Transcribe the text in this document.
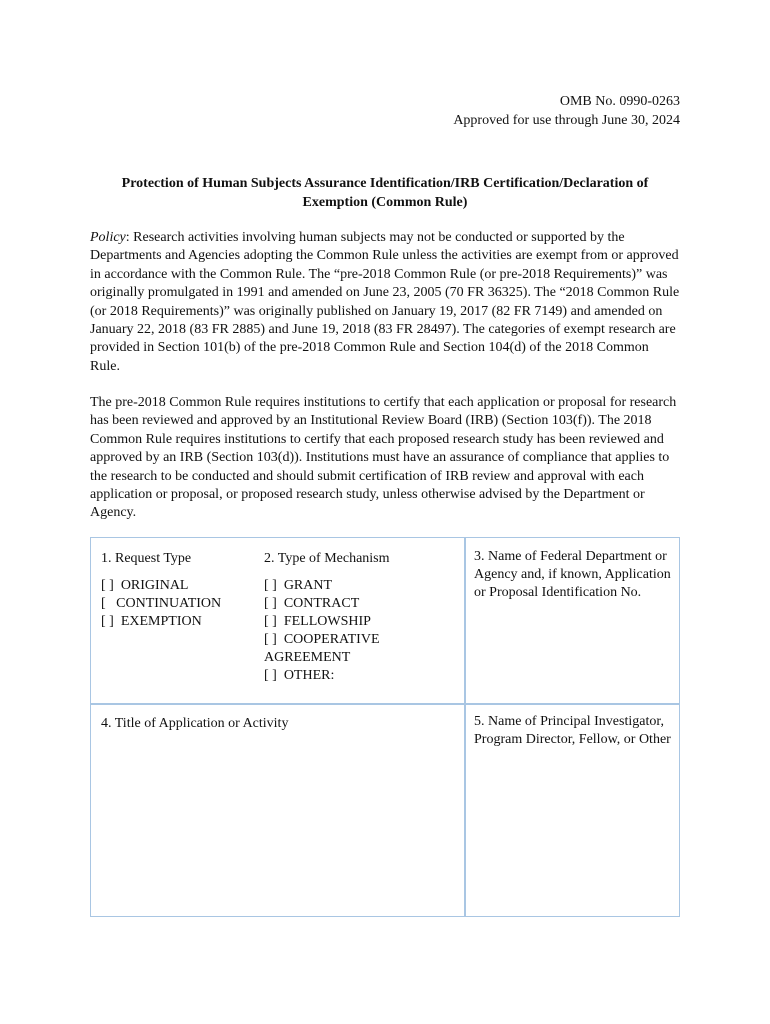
OMB No. 0990-0263
Approved for use through June 30, 2024
Protection of Human Subjects Assurance Identification/IRB Certification/Declaration of
Exemption (Common Rule)
Policy: Research activities involving human subjects may not be conducted or supported by the Departments and Agencies adopting the Common Rule unless the activities are exempt from or approved in accordance with the Common Rule. The “pre-2018 Common Rule (or pre-2018 Requirements)” was originally promulgated in 1991 and amended on June 23, 2005 (70 FR 36325). The “2018 Common Rule (or 2018 Requirements)” was originally published on January 19, 2017 (82 FR 7149) and amended on January 22, 2018 (83 FR 2885) and June 19, 2018 (83 FR 28497). The categories of exempt research are provided in Section 101(b) of the pre-2018 Common Rule and Section 104(d) of the 2018 Common Rule.
The pre-2018 Common Rule requires institutions to certify that each application or proposal for research has been reviewed and approved by an Institutional Review Board (IRB) (Section 103(f)). The 2018 Common Rule requires institutions to certify that each proposed research study has been reviewed and approved by an IRB (Section 103(d)). Institutions must have an assurance of compliance that applies to the research to be conducted and should submit certification of IRB review and approval with each application or proposal, or proposed research study, unless otherwise advised by the Department or Agency.
1. Request Type
[ ]  ORIGINAL
[   CONTINUATION
[ ]  EXEMPTION
2. Type of Mechanism
[ ]  GRANT
[ ]  CONTRACT
[ ]  FELLOWSHIP
[ ]  COOPERATIVE
AGREEMENT
[ ]  OTHER:
3. Name of Federal Department or Agency and, if known, Application or Proposal Identification No.
4. Title of Application or Activity	5. Name of Principal Investigator, Program Director, Fellow, or Other
